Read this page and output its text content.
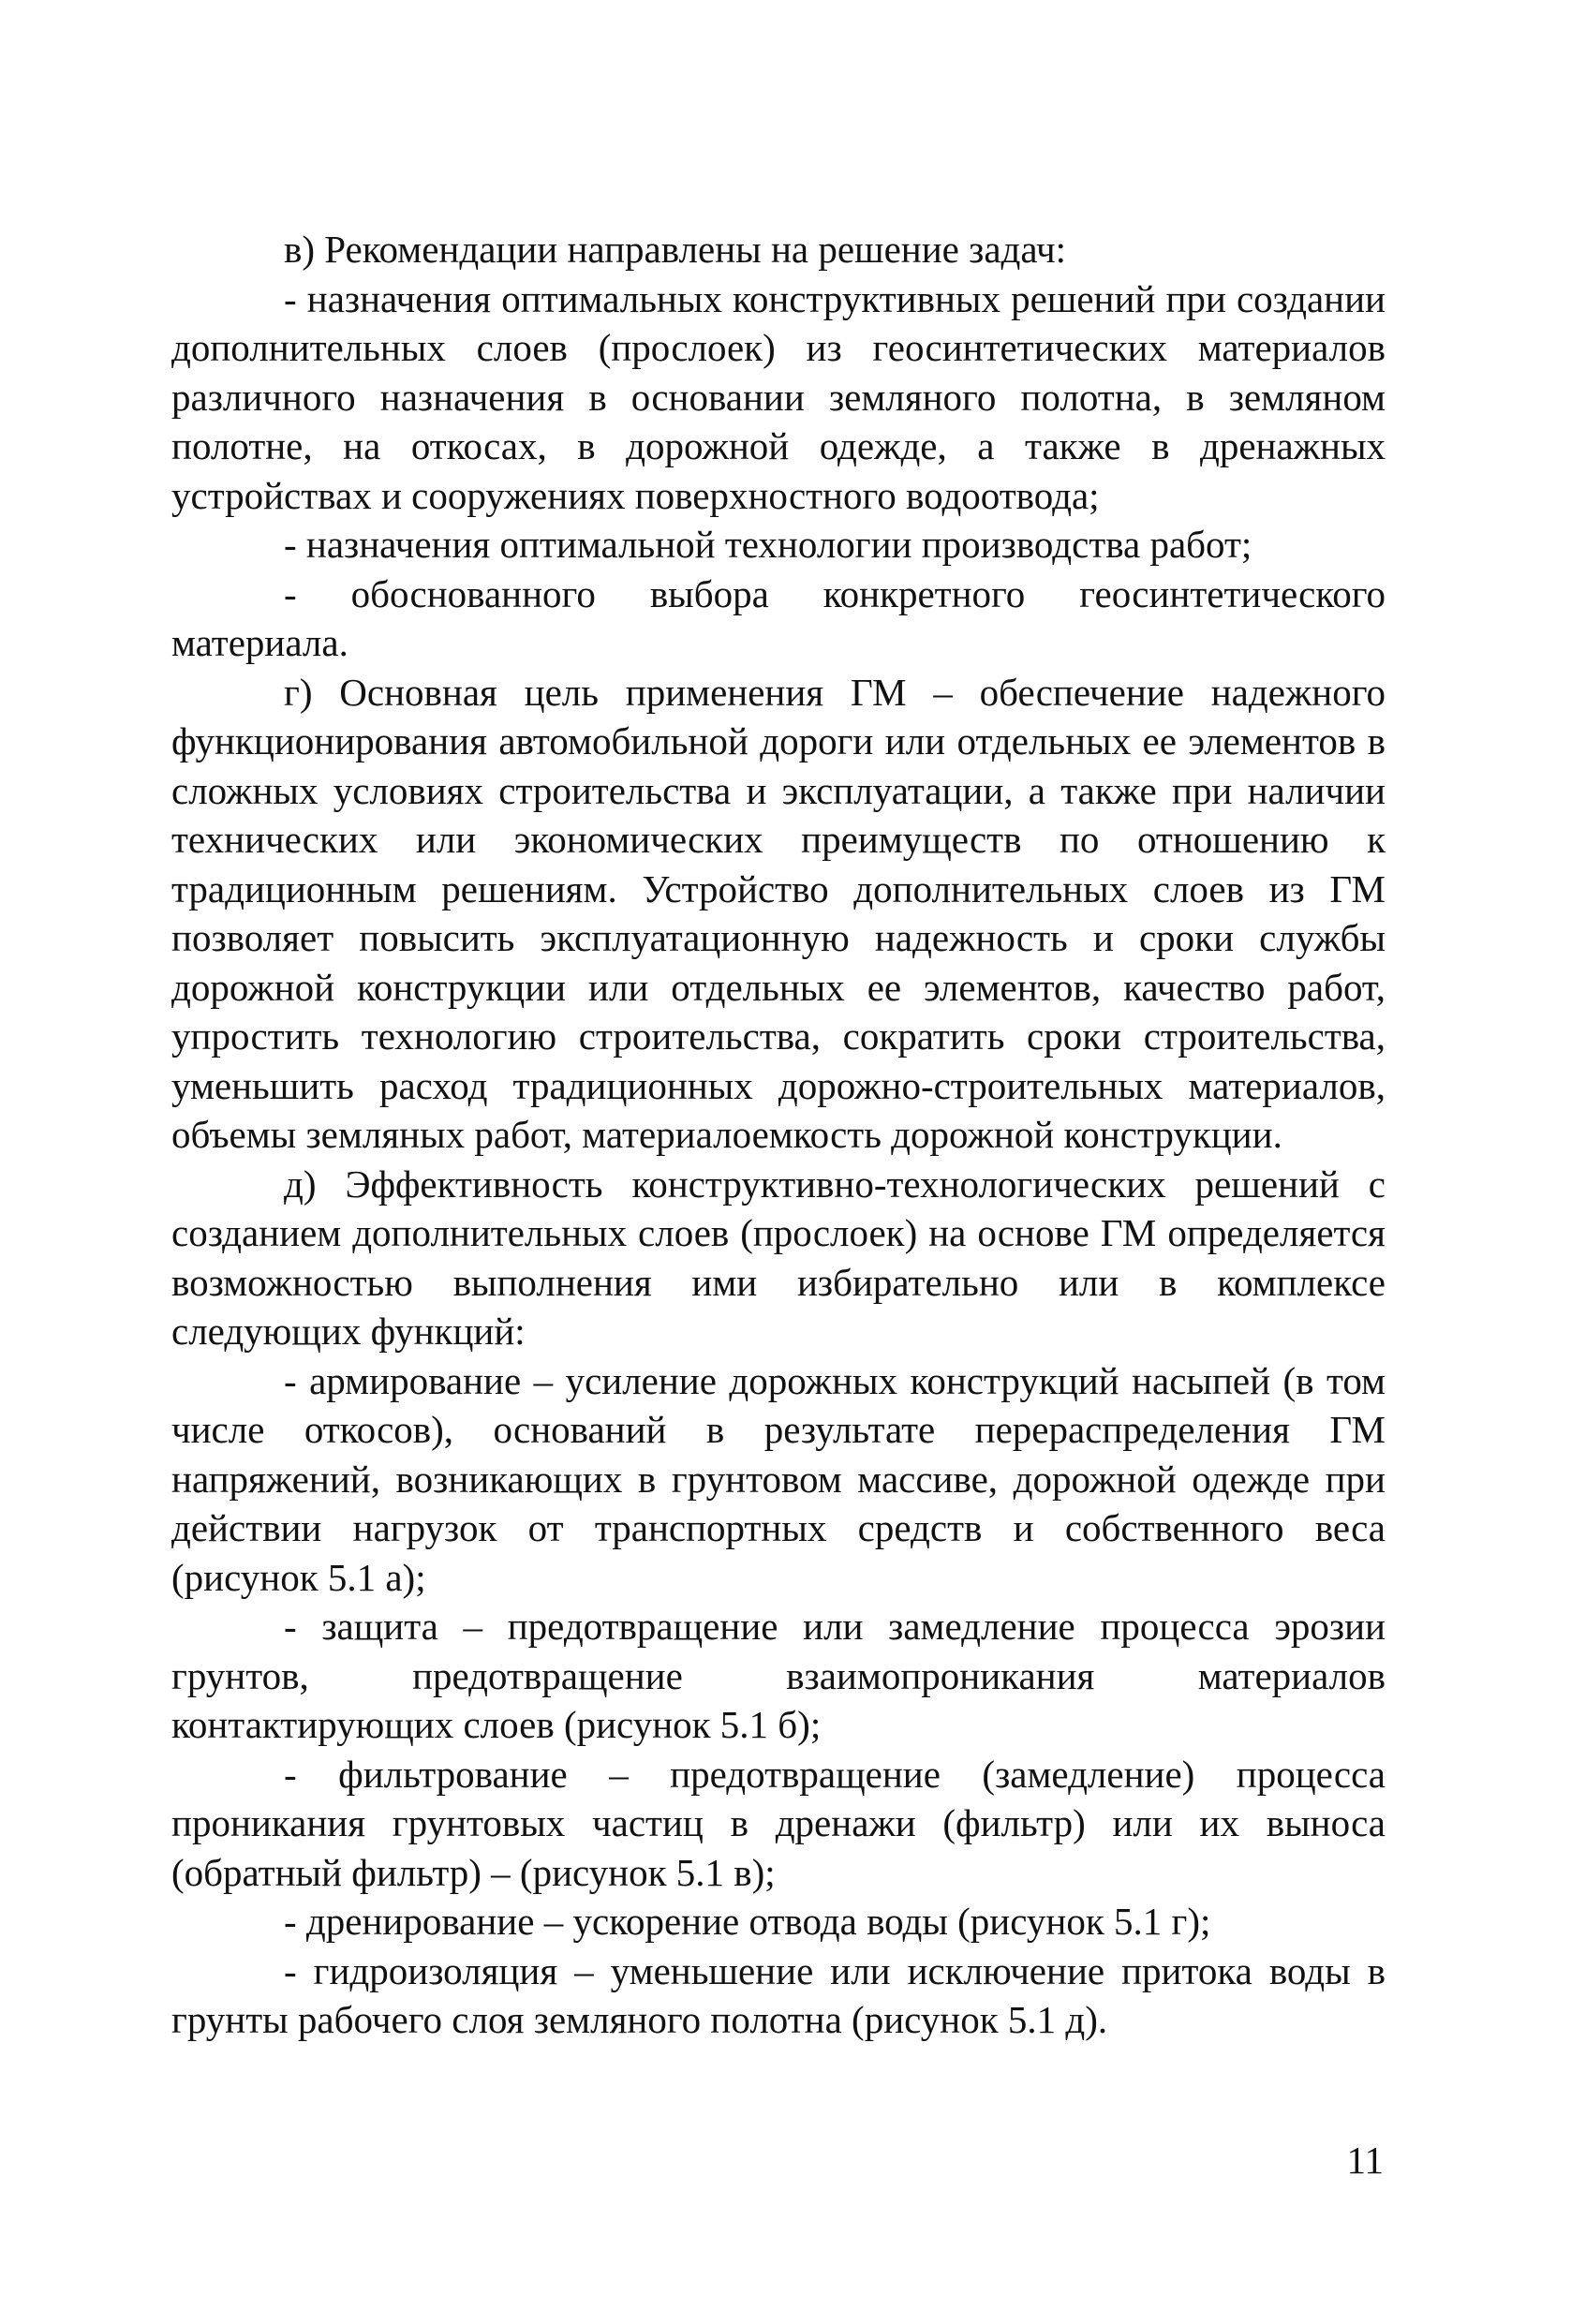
в) Рекомендации направлены на решение задач:

- назначения оптимальных конструктивных решений при создании дополнительных слоев (прослоек) из геосинтетических материалов различного назначения в основании земляного полотна, в земляном полотне, на откосах, в дорожной одежде, а также в дренажных устройствах и сооружениях поверхностного водоотвода;

- назначения оптимальной технологии производства работ;

- обоснованного выбора конкретного геосинтетического материала.

г) Основная цель применения ГМ – обеспечение надежного функционирования автомобильной дороги или отдельных ее элементов в сложных условиях строительства и эксплуатации, а также при наличии технических или экономических преимуществ по отношению к традиционным решениям. Устройство дополнительных слоев из ГМ позволяет повысить эксплуатационную надежность и сроки службы дорожной конструкции или отдельных ее элементов, качество работ, упростить технологию строительства, сократить сроки строительства, уменьшить расход традиционных дорожно-строительных материалов, объемы земляных работ, материалоемкость дорожной конструкции.

д) Эффективность конструктивно-технологических решений с созданием дополнительных слоев (прослоек) на основе ГМ определяется возможностью выполнения ими избирательно или в комплексе следующих функций:

- армирование – усиление дорожных конструкций насыпей (в том числе откосов), оснований в результате перераспределения ГМ напряжений, возникающих в грунтовом массиве, дорожной одежде при действии нагрузок от транспортных средств и собственного веса (рисунок 5.1 а);

- защита – предотвращение или замедление процесса эрозии грунтов, предотвращение взаимопроникания материалов контактирующих слоев (рисунок 5.1 б);

- фильтрование – предотвращение (замедление) процесса проникания грунтовых частиц в дренажи (фильтр) или их выноса (обратный фильтр) – (рисунок 5.1 в);

- дренирование – ускорение отвода воды (рисунок 5.1 г);

- гидроизоляция – уменьшение или исключение притока воды в грунты рабочего слоя земляного полотна (рисунок 5.1 д).

11
